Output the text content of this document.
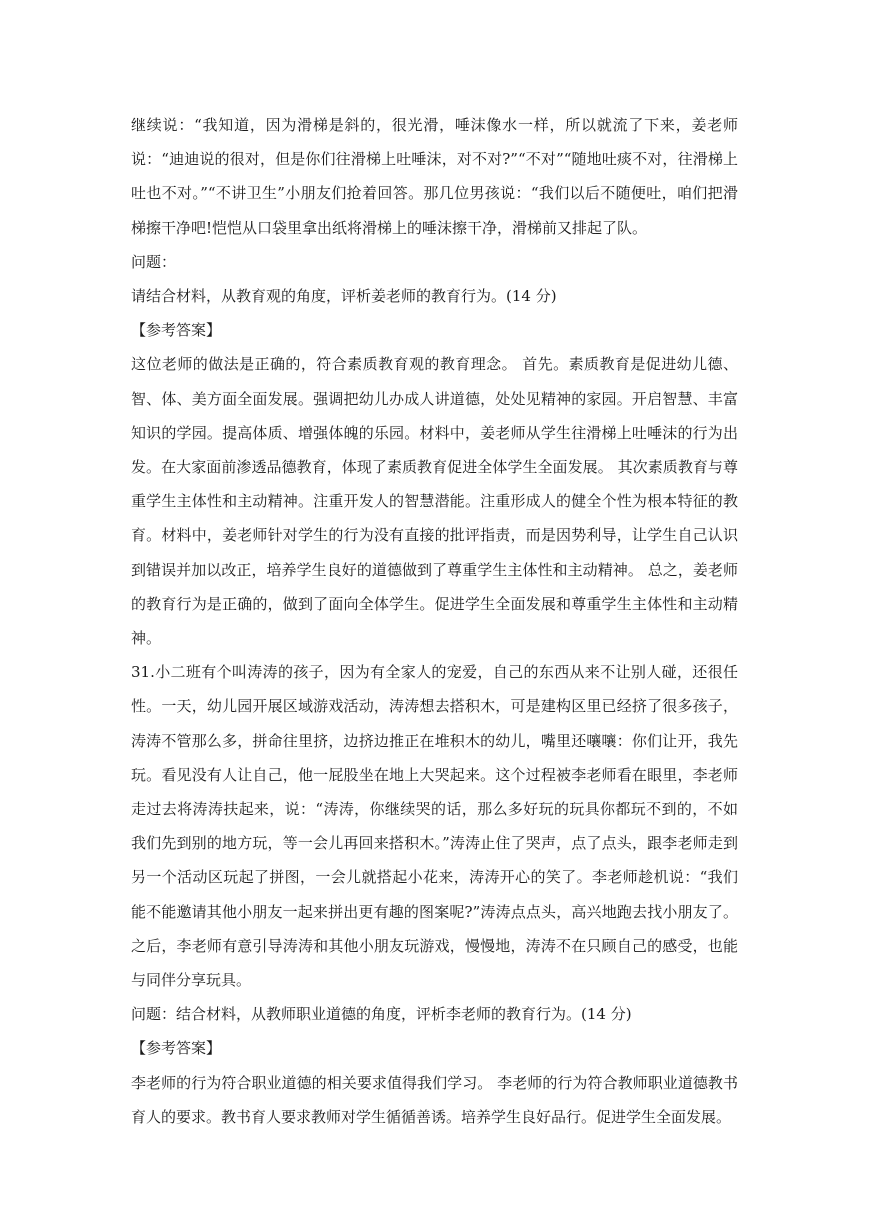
继续说：“我知道，因为滑梯是斜的，很光滑，唾沫像水一样，所以就流了下来，姜老师说：“迪迪说的很对，但是你们往滑梯上吐唾沫，对不对?”“不对”“随地吐痰不对，往滑梯上吐也不对。”“不讲卫生”小朋友们抢着回答。那几位男孩说：“我们以后不随便吐，咱们把滑梯擦干净吧!恺恺从口袋里拿出纸将滑梯上的唾沫擦干净，滑梯前又排起了队。

问题：

请结合材料，从教育观的角度，评析姜老师的教育行为。(14 分)

【参考答案】

这位老师的做法是正确的，符合素质教育观的教育理念。 首先。素质教育是促进幼儿德、智、体、美方面全面发展。强调把幼儿办成人讲道德，处处见精神的家园。开启智慧、丰富知识的学园。提高体质、增强体魄的乐园。材料中，姜老师从学生往滑梯上吐唾沫的行为出发。在大家面前渗透品德教育，体现了素质教育促进全体学生全面发展。 其次素质教育与尊重学生主体性和主动精神。注重开发人的智慧潜能。注重形成人的健全个性为根本特征的教育。材料中，姜老师针对学生的行为没有直接的批评指责，而是因势利导，让学生自己认识到错误并加以改正，培养学生良好的道德做到了尊重学生主体性和主动精神。 总之，姜老师的教育行为是正确的，做到了面向全体学生。促进学生全面发展和尊重学生主体性和主动精神。

31.小二班有个叫涛涛的孩子，因为有全家人的宠爱，自己的东西从来不让别人碰，还很任性。一天，幼儿园开展区域游戏活动，涛涛想去搭积木，可是建构区里已经挤了很多孩子，涛涛不管那么多，拼命往里挤，边挤边推正在堆积木的幼儿，嘴里还嚷嚷：你们让开，我先玩。看见没有人让自己，他一屁股坐在地上大哭起来。这个过程被李老师看在眼里，李老师走过去将涛涛扶起来，说：“涛涛，你继续哭的话，那么多好玩的玩具你都玩不到的，不如我们先到别的地方玩，等一会儿再回来搭积木。”涛涛止住了哭声，点了点头，跟李老师走到另一个活动区玩起了拼图，一会儿就搭起小花来，涛涛开心的笑了。李老师趁机说：“我们能不能邀请其他小朋友一起来拼出更有趣的图案呢?”涛涛点点头，高兴地跑去找小朋友了。 之后，李老师有意引导涛涛和其他小朋友玩游戏，慢慢地，涛涛不在只顾自己的感受，也能与同伴分享玩具。

问题：结合材料，从教师职业道德的角度，评析李老师的教育行为。(14 分)

【参考答案】

李老师的行为符合职业道德的相关要求值得我们学习。 李老师的行为符合教师职业道德教书育人的要求。教书育人要求教师对学生循循善诱。培养学生良好品行。促进学生全面发展。
